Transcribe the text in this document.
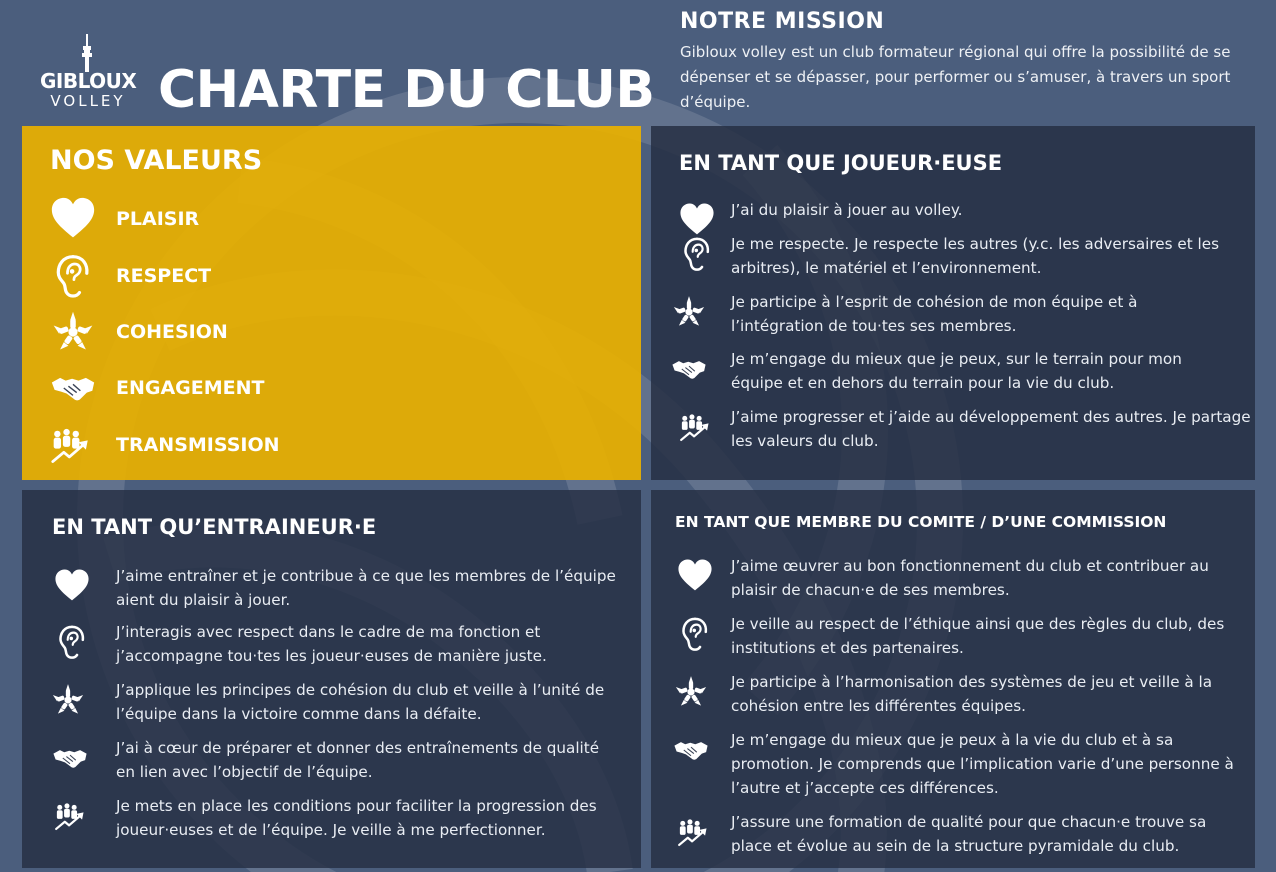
GIBLOUX
VOLLEY CHARTE DU CLUB
NOTRE MISSION

Gibloux volley est un club formateur régional qui offre la possibilité de se dépenser et se dépasser, pour performer ou s’amuser, à travers un sport d’équipe.

NOS VALEURS
PLAISIR
RESPECT
COHESION
ENGAGEMENT
TRANSMISSION
EN TANT QUE JOUEUR·EUSE
J’ai du plaisir à jouer au volley.
Je me respecte. Je respecte les autres (y.c. les adversaires et les arbitres), le matériel et l’environnement.
Je participe à l’esprit de cohésion de mon équipe et à l’intégration de tou·tes ses membres.
Je m’engage du mieux que je peux, sur le terrain pour mon équipe et en dehors du terrain pour la vie du club.
J’aime progresser et j’aide au développement des autres. Je partage les valeurs du club.
EN TANT QU’ENTRAINEUR·E
J’aime entraîner et je contribue à ce que les membres de l’équipe aient du plaisir à jouer.
J’interagis avec respect dans le cadre de ma fonction et j’accompagne tou·tes les joueur·euses de manière juste.
J’applique les principes de cohésion du club et veille à l’unité de l’équipe dans la victoire comme dans la défaite.
J’ai à cœur de préparer et donner des entraînements de qualité en lien avec l’objectif de l’équipe.
Je mets en place les conditions pour faciliter la progression des joueur·euses et de l’équipe. Je veille à me perfectionner.
EN TANT QUE MEMBRE DU COMITE / D’UNE COMMISSION
J’aime œuvrer au bon fonctionnement du club et contribuer au plaisir de chacun·e de ses membres.
Je veille au respect de l’éthique ainsi que des règles du club, des institutions et des partenaires.
Je participe à l’harmonisation des systèmes de jeu et veille à la cohésion entre les différentes équipes.
Je m’engage du mieux que je peux à la vie du club et à sa promotion. Je comprends que l’implication varie d’une personne à l’autre et j’accepte ces différences.
J’assure une formation de qualité pour que chacun·e trouve sa place et évolue au sein de la structure pyramidale du club.
